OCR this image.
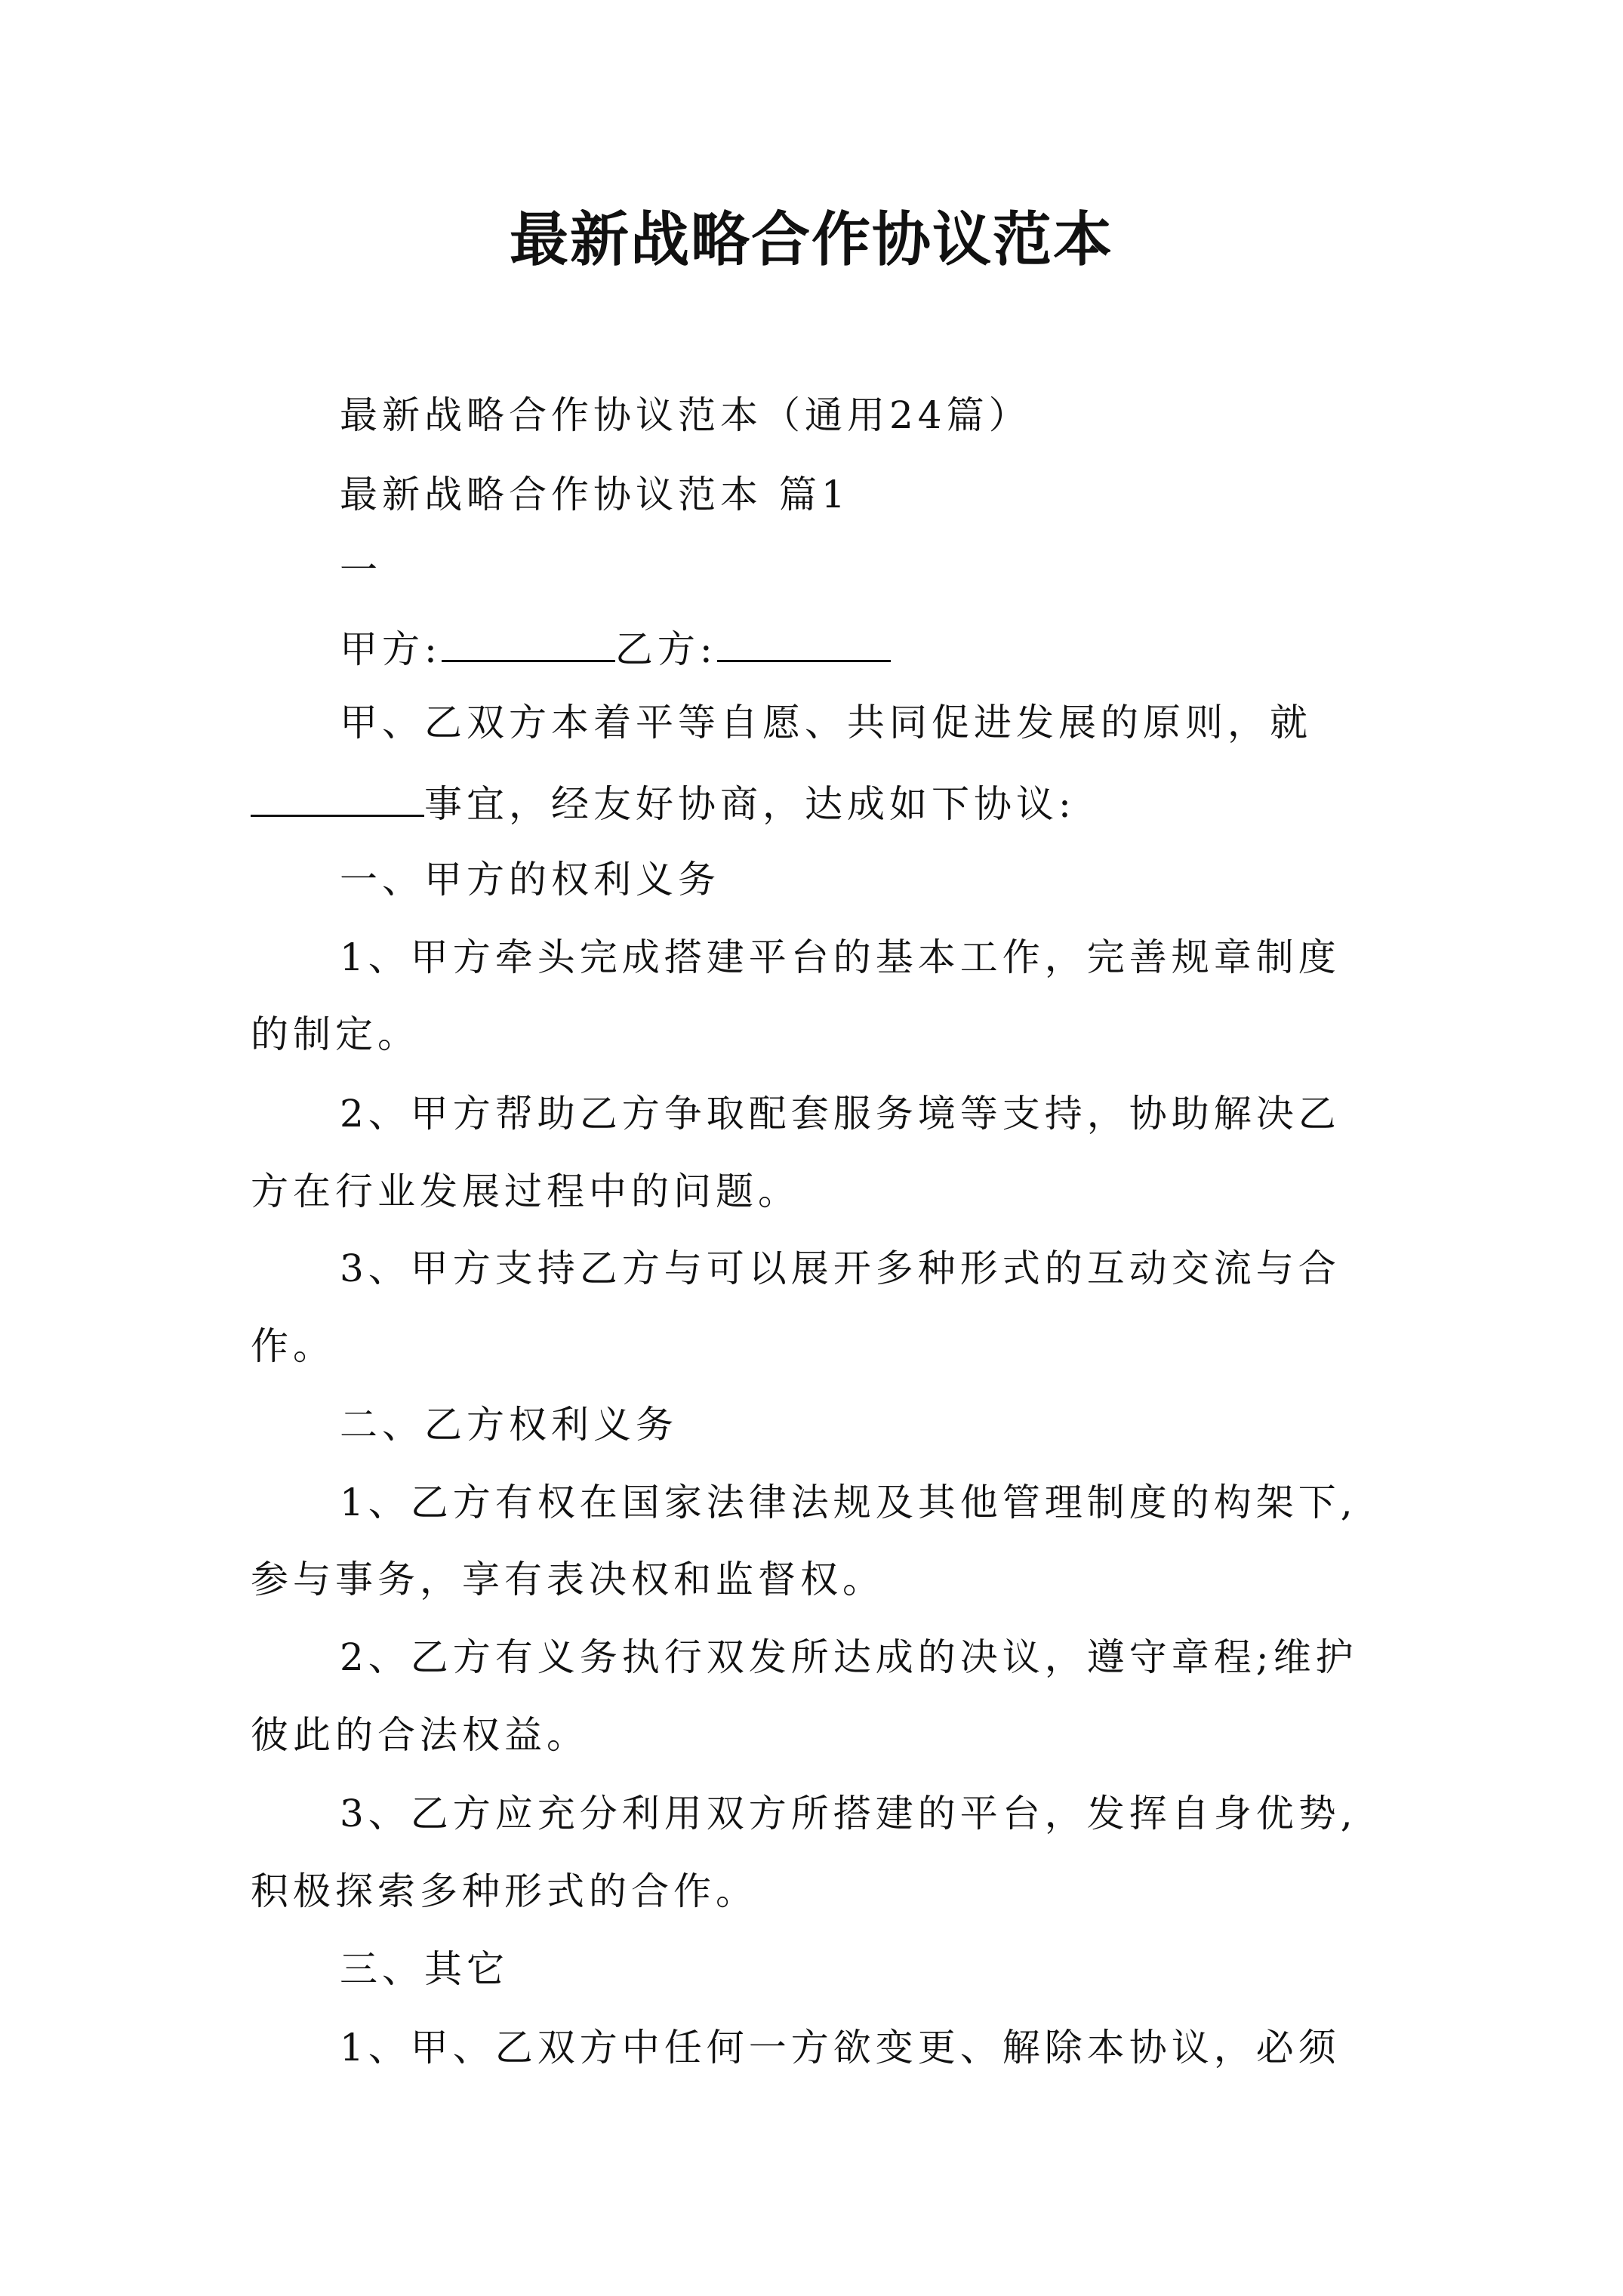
最新战略合作协议范本
最新战略合作协议范本（通用24篇）
最新战略合作协议范本 篇1
一
甲方:	乙方:
甲、乙双方本着平等自愿、共同促进发展的原则，就
事宜，经友好协商，达成如下协议:
一、甲方的权利义务
1、甲方牵头完成搭建平台的基本工作，完善规章制度
的制定。
2、甲方帮助乙方争取配套服务境等支持，协助解决乙
方在行业发展过程中的问题。
3、甲方支持乙方与可以展开多种形式的互动交流与合
作。
二、乙方权利义务
1、乙方有权在国家法律法规及其他管理制度的构架下,
参与事务，享有表决权和监督权。
2、乙方有义务执行双发所达成的决议，遵守章程;维护
彼此的合法权益。
3、乙方应充分利用双方所搭建的平台，发挥自身优势,
积极探索多种形式的合作。
三、其它
1、甲、乙双方中任何一方欲变更、解除本协议，必须
